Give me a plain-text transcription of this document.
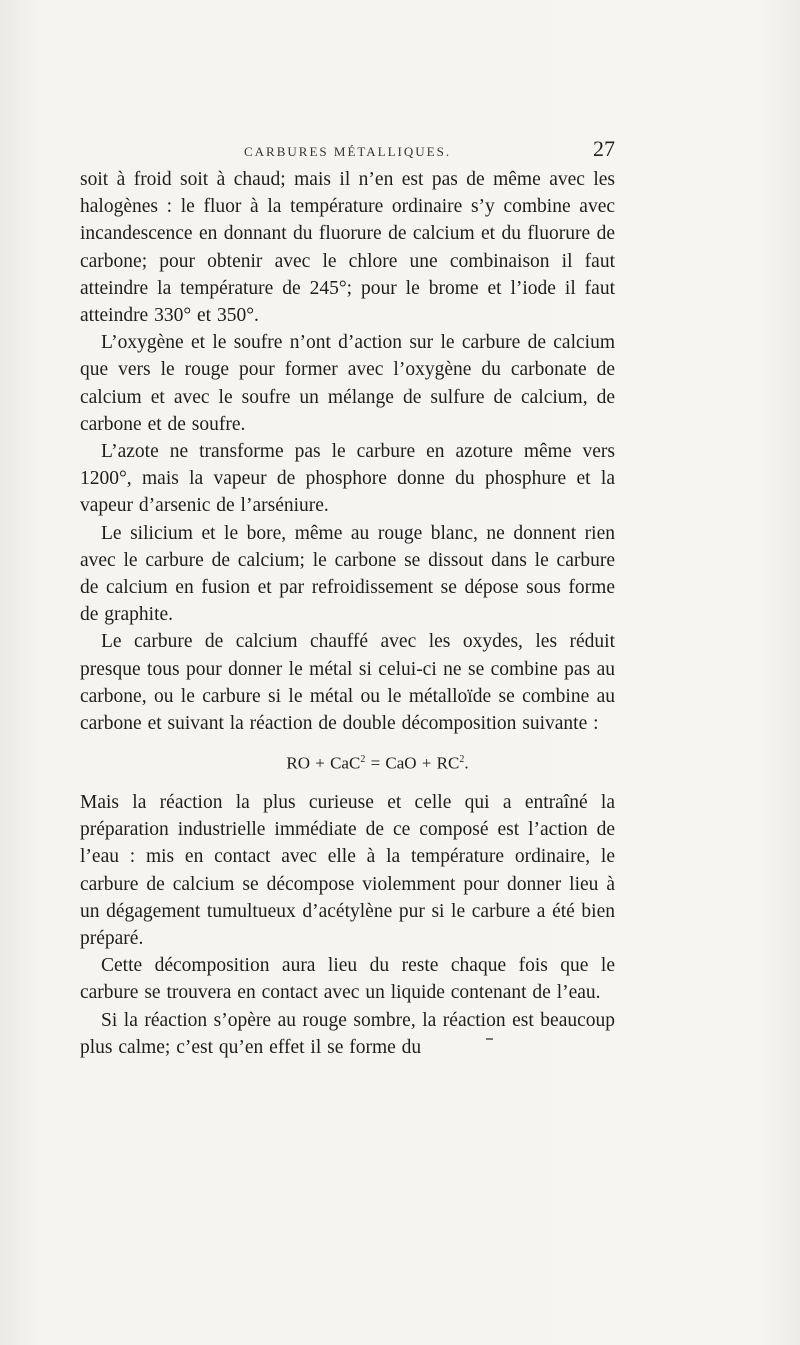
CARBURES MÉTALLIQUES.	27

soit à froid soit à chaud; mais il n’en est pas de même avec les halogènes : le fluor à la température ordinaire s’y combine avec incandescence en donnant du fluorure de calcium et du fluorure de carbone; pour obtenir avec le chlore une combinaison il faut atteindre la température de 245°; pour le brome et l’iode il faut atteindre 330° et 350°.

L’oxygène et le soufre n’ont d’action sur le carbure de calcium que vers le rouge pour former avec l’oxygène du carbonate de calcium et avec le soufre un mélange de sulfure de calcium, de carbone et de soufre.

L’azote ne transforme pas le carbure en azoture même vers 1200°, mais la vapeur de phosphore donne du phosphure et la vapeur d’arsenic de l’arséniure.

Le silicium et le bore, même au rouge blanc, ne donnent rien avec le carbure de calcium; le carbone se dissout dans le carbure de calcium en fusion et par refroidissement se dépose sous forme de graphite.

Le carbure de calcium chauffé avec les oxydes, les réduit presque tous pour donner le métal si celui-ci ne se combine pas au carbone, ou le carbure si le métal ou le métalloïde se combine au carbone et suivant la réaction de double décomposition suivante :

RO + CaC$^2$ = CaO + $RC^2$.

Mais la réaction la plus curieuse et celle qui a entraîné la préparation industrielle immédiate de ce composé est l’action de l’eau : mis en contact avec elle à la température ordinaire, le carbure de calcium se décompose violemment pour donner lieu à un dégagement tumultueux d’acétylène pur si le carbure a été bien préparé.

Cette décomposition aura lieu du reste chaque fois que le carbure se trouvera en contact avec un liquide contenant de l’eau.

Si la réaction s’opère au rouge sombre, la réaction est beaucoup plus calme; c’est qu’en effet il se forme du
